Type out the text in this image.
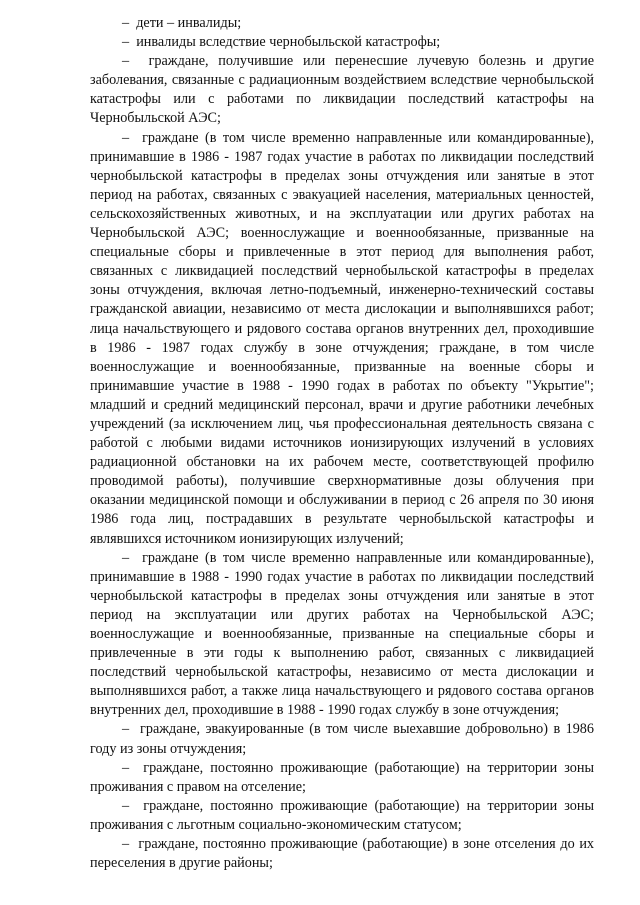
– дети – инвалиды;

– инвалиды вследствие чернобыльской катастрофы;

– граждане, получившие или перенесшие лучевую болезнь и другие заболевания, связанные с радиационным воздействием вследствие чернобыльской катастрофы или с работами по ликвидации последствий катастрофы на Чернобыльской АЭС;

– граждане (в том числе временно направленные или командированные), принимавшие в 1986 - 1987 годах участие в работах по ликвидации последствий чернобыльской катастрофы в пределах зоны отчуждения или занятые в этот период на работах, связанных с эвакуацией населения, материальных ценностей, сельскохозяйственных животных, и на эксплуатации или других работах на Чернобыльской АЭС; военнослужащие и военнообязанные, призванные на специальные сборы и привлеченные в этот период для выполнения работ, связанных с ликвидацией последствий чернобыльской катастрофы в пределах зоны отчуждения, включая летно-подъемный, инженерно-технический составы гражданской авиации, независимо от места дислокации и выполнявшихся работ; лица начальствующего и рядового состава органов внутренних дел, проходившие в 1986 - 1987 годах службу в зоне отчуждения; граждане, в том числе военнослужащие и военнообязанные, призванные на военные сборы и принимавшие участие в 1988 - 1990 годах в работах по объекту "Укрытие"; младший и средний медицинский персонал, врачи и другие работники лечебных учреждений (за исключением лиц, чья профессиональная деятельность связана с работой с любыми видами источников ионизирующих излучений в условиях радиационной обстановки на их рабочем месте, соответствующей профилю проводимой работы), получившие сверхнормативные дозы облучения при оказании медицинской помощи и обслуживании в период с 26 апреля по 30 июня 1986 года лиц, пострадавших в результате чернобыльской катастрофы и являвшихся источником ионизирующих излучений;

– граждане (в том числе временно направленные или командированные), принимавшие в 1988 - 1990 годах участие в работах по ликвидации последствий чернобыльской катастрофы в пределах зоны отчуждения или занятые в этот период на эксплуатации или других работах на Чернобыльской АЭС; военнослужащие и военнообязанные, призванные на специальные сборы и привлеченные в эти годы к выполнению работ, связанных с ликвидацией последствий чернобыльской катастрофы, независимо от места дислокации и выполнявшихся работ, а также лица начальствующего и рядового состава органов внутренних дел, проходившие в 1988 - 1990 годах службу в зоне отчуждения;

– граждане, эвакуированные (в том числе выехавшие добровольно) в 1986 году из зоны отчуждения;

– граждане, постоянно проживающие (работающие) на территории зоны проживания с правом на отселение;

– граждане, постоянно проживающие (работающие) на территории зоны проживания с льготным социально-экономическим статусом;

– граждане, постоянно проживающие (работающие) в зоне отселения до их переселения в другие районы;
